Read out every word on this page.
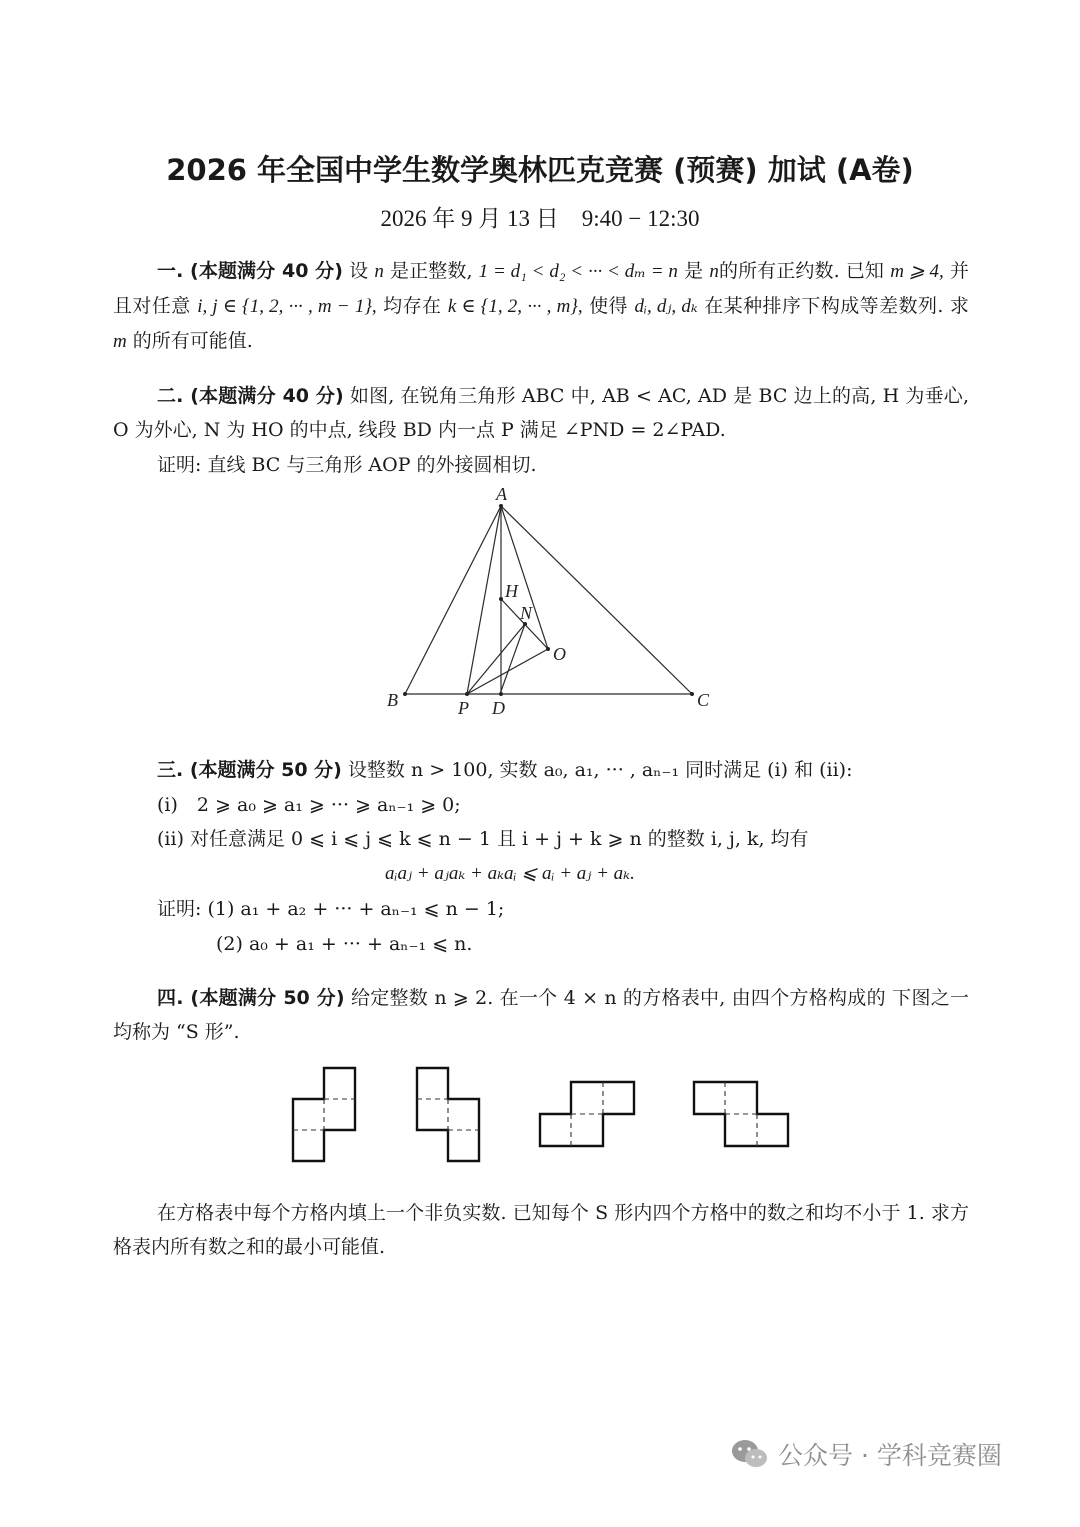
2026 年全国中学生数学奥林匹克竞赛 (预赛) 加试 (A卷)
2026 年 9 月 13 日　9:40 − 12:30
一. (本题满分 40 分) 设 n 是正整数, 1 = d₁ < d₂ < ··· < dₘ = n 是 n的所有正约数. 已知 m ⩾ 4, 并且对任意 i, j ∈ {1, 2, ··· , m − 1}, 均存在 k ∈ {1, 2, ··· , m}, 使得 dᵢ, dⱼ, dₖ 在某种排序下构成等差数列. 求 m 的所有可能值.
二. (本题满分 40 分) 如图, 在锐角三角形 ABC 中, AB < AC, AD 是 BC 边上的高, H 为垂心, O 为外心, N 为 HO 的中点, 线段 BD 内一点 P 满足 ∠PND = 2∠PAD.
证明: 直线 BC 与三角形 AOP 的外接圆相切.
A
B	C
D
P
H
N
O
三. (本题满分 50 分) 设整数 n > 100, 实数 a₀, a₁, ··· , aₙ₋₁ 同时满足 (i) 和 (ii):
(i)　2 ⩾ a₀ ⩾ a₁ ⩾ ··· ⩾ aₙ₋₁ ⩾ 0;
(ii) 对任意满足 0 ⩽ i ⩽ j ⩽ k ⩽ n − 1 且 i + j + k ⩾ n 的整数 i, j, k, 均有
aᵢaⱼ + aⱼaₖ + aₖaᵢ ⩽ aᵢ + aⱼ + aₖ.
证明: (1) a₁ + a₂ + ··· + aₙ₋₁ ⩽ n − 1;
(2) a₀ + a₁ + ··· + aₙ₋₁ ⩽ n.
四. (本题满分 50 分) 给定整数 n ⩾ 2. 在一个 4 × n 的方格表中, 由四个方格构成的 下图之一均称为 “S 形”.
在方格表中每个方格内填上一个非负实数. 已知每个 S 形内四个方格中的数之和均不小于 1. 求方格表内所有数之和的最小可能值.
公众号 · 学科竞赛圈
